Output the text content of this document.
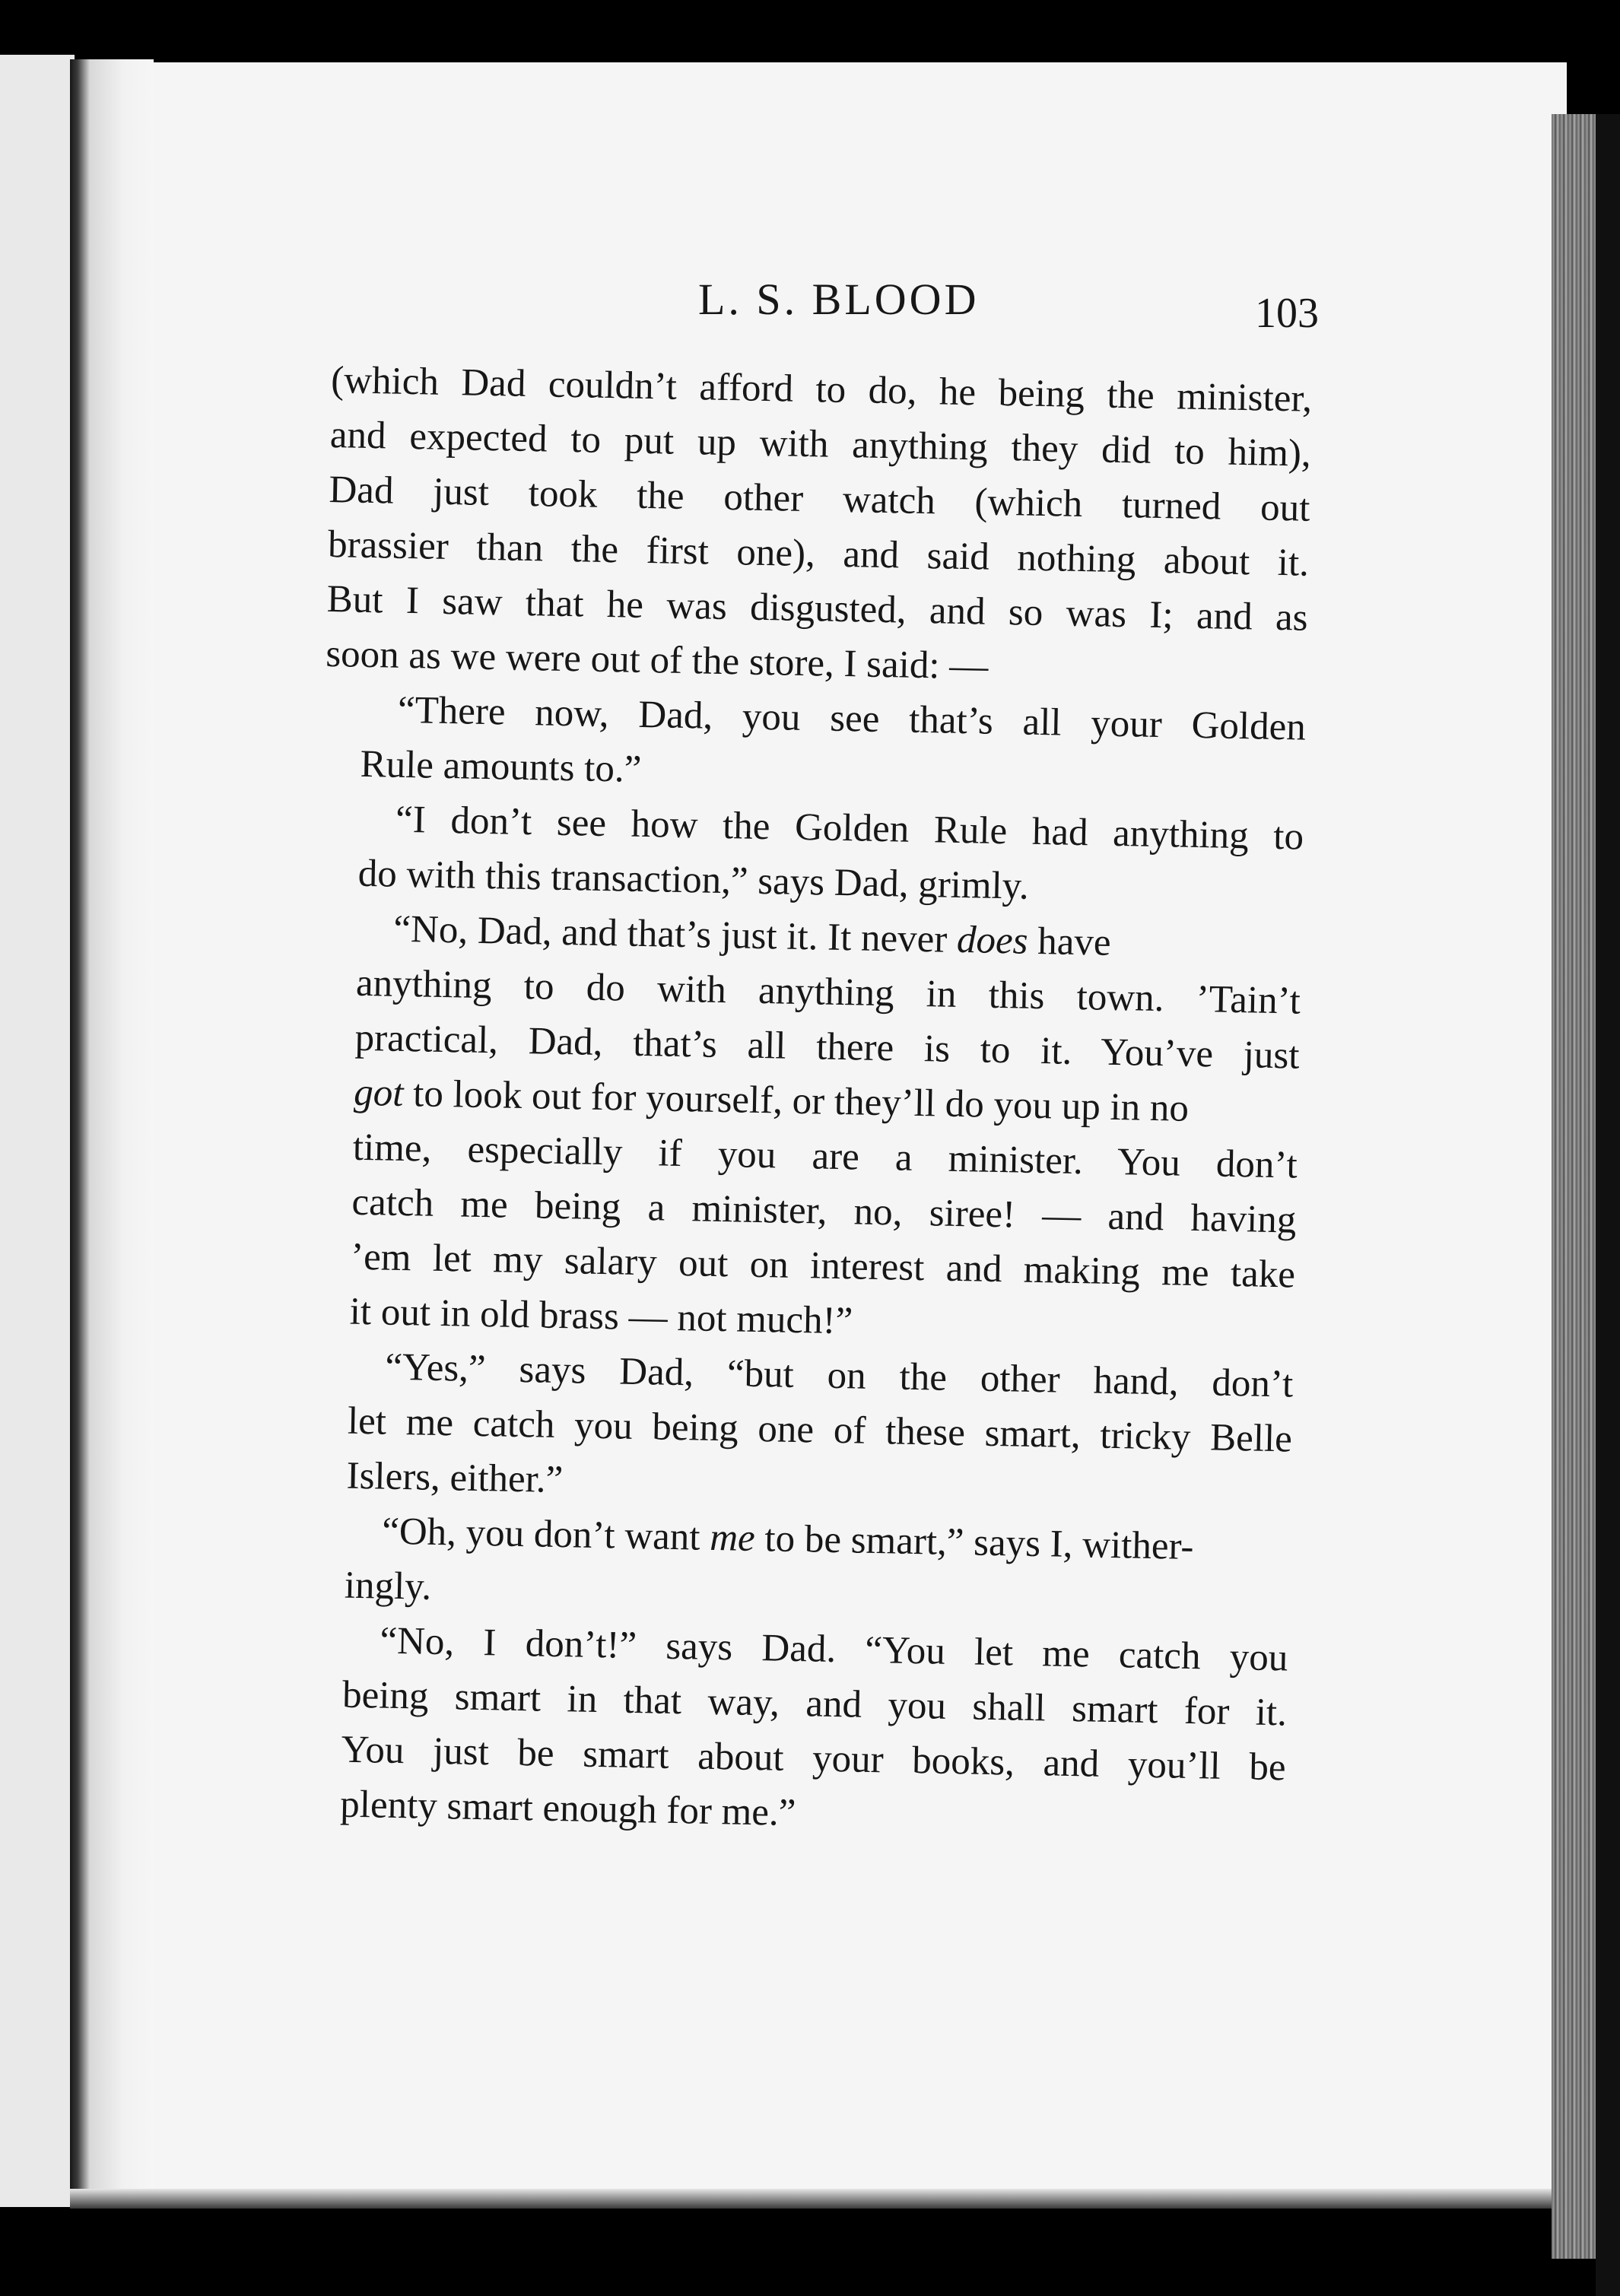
L. S. BLOOD	103
(which Dad couldn’t afford to do, he being the minister,
and expected to put up with anything they did to him),
Dad just took the other watch (which turned out
brassier than the first one), and said nothing about it.
But I saw that he was disgusted, and so was I; and as
soon as we were out of the store, I said: —
“There now, Dad, you see that’s all your Golden
Rule amounts to.”
“I don’t see how the Golden Rule had anything to
do with this transaction,” says Dad, grimly.
“No, Dad, and that’s just it. It never does have
anything to do with anything in this town. ’Tain’t
practical, Dad, that’s all there is to it. You’ve just
got to look out for yourself, or they’ll do you up in no
time, especially if you are a minister. You don’t
catch me being a minister, no, siree! — and having
’em let my salary out on interest and making me take
it out in old brass — not much!”
“Yes,” says Dad, “but on the other hand, don’t
let me catch you being one of these smart, tricky Belle
Islers, either.”
“Oh, you don’t want me to be smart,” says I, wither-
ingly.
“No, I don’t!” says Dad. “You let me catch you
being smart in that way, and you shall smart for it.
You just be smart about your books, and you’ll be
plenty smart enough for me.”
